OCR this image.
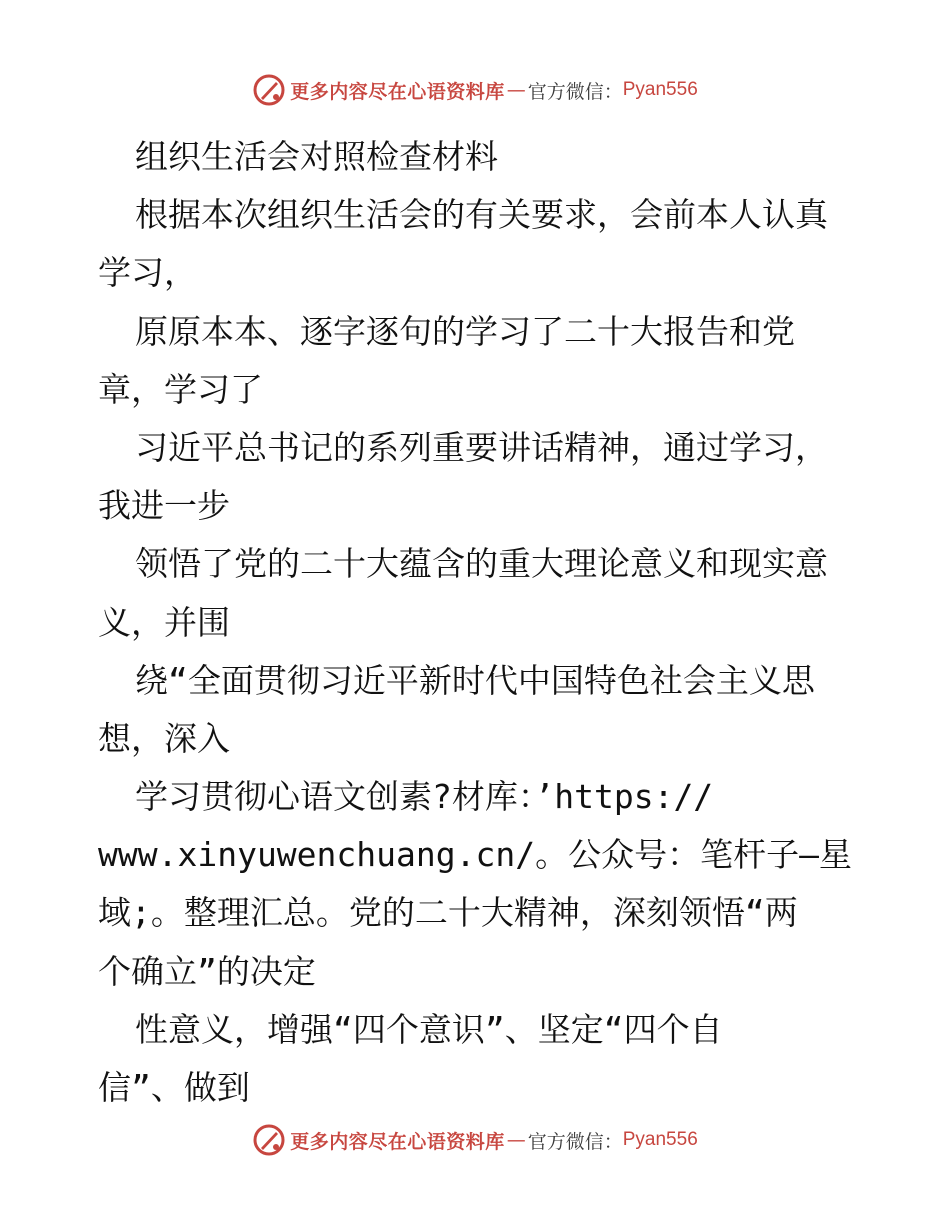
更多内容尽在心语资料库 — 官方微信： Pyan556
组织生活会对照检查材料
根据本次组织生活会的有关要求，会前本人认真
学习，
原原本本、逐字逐句的学习了二十大报告和党
章，学习了
习近平总书记的系列重要讲话精神，通过学习，
我进一步
领悟了党的二十大蕴含的重大理论意义和现实意
义，并围
绕“全面贯彻习近平新时代中国特色社会主义思
想，深入
学习贯彻心语文创素?材库：’https://
www.xinyuwenchuang.cn/。公众号：笔杆子—星
域;。整理汇总。党的二十大精神，深刻领悟“两
个确立”的决定
性意义，增强“四个意识”、坚定“四个自
信”、做到
更多内容尽在心语资料库 — 官方微信： Pyan556
